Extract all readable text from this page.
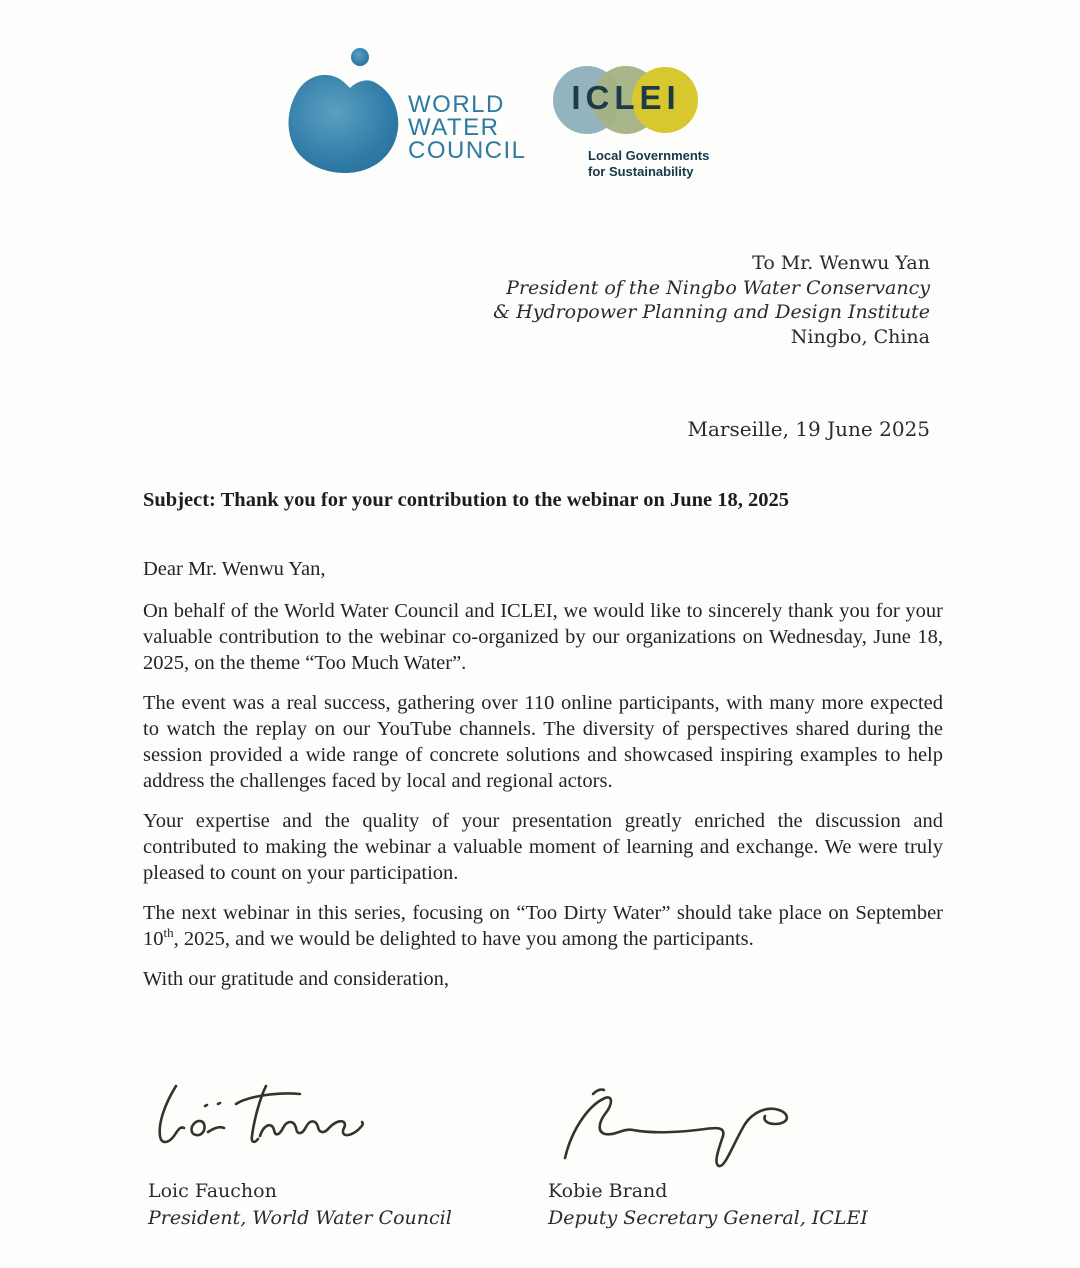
WORLD
WATER
COUNCIL
ICLEI
Local Governments
for Sustainability
To Mr. Wenwu Yan
President of the Ningbo Water Conservancy
& Hydropower Planning and Design Institute
Ningbo, China
Marseille, 19 June 2025
Subject: Thank you for your contribution to the webinar on June 18, 2025
Dear Mr. Wenwu Yan,

On behalf of the World Water Council and ICLEI, we would like to sincerely thank you for your valuable contribution to the webinar co-organized by our organizations on Wednesday, June 18, 2025, on the theme “Too Much Water”.

The event was a real success, gathering over 110 online participants, with many more expected to watch the replay on our YouTube channels. The diversity of perspectives shared during the session provided a wide range of concrete solutions and showcased inspiring examples to help address the challenges faced by local and regional actors.

Your expertise and the quality of your presentation greatly enriched the discussion and contributed to making the webinar a valuable moment of learning and exchange. We were truly pleased to count on your participation.

The next webinar in this series, focusing on “Too Dirty Water” should take place on September 10th, 2025, and we would be delighted to have you among the participants.

With our gratitude and consideration,

Loic Fauchon
President, World Water Council
Kobie Brand
Deputy Secretary General, ICLEI
